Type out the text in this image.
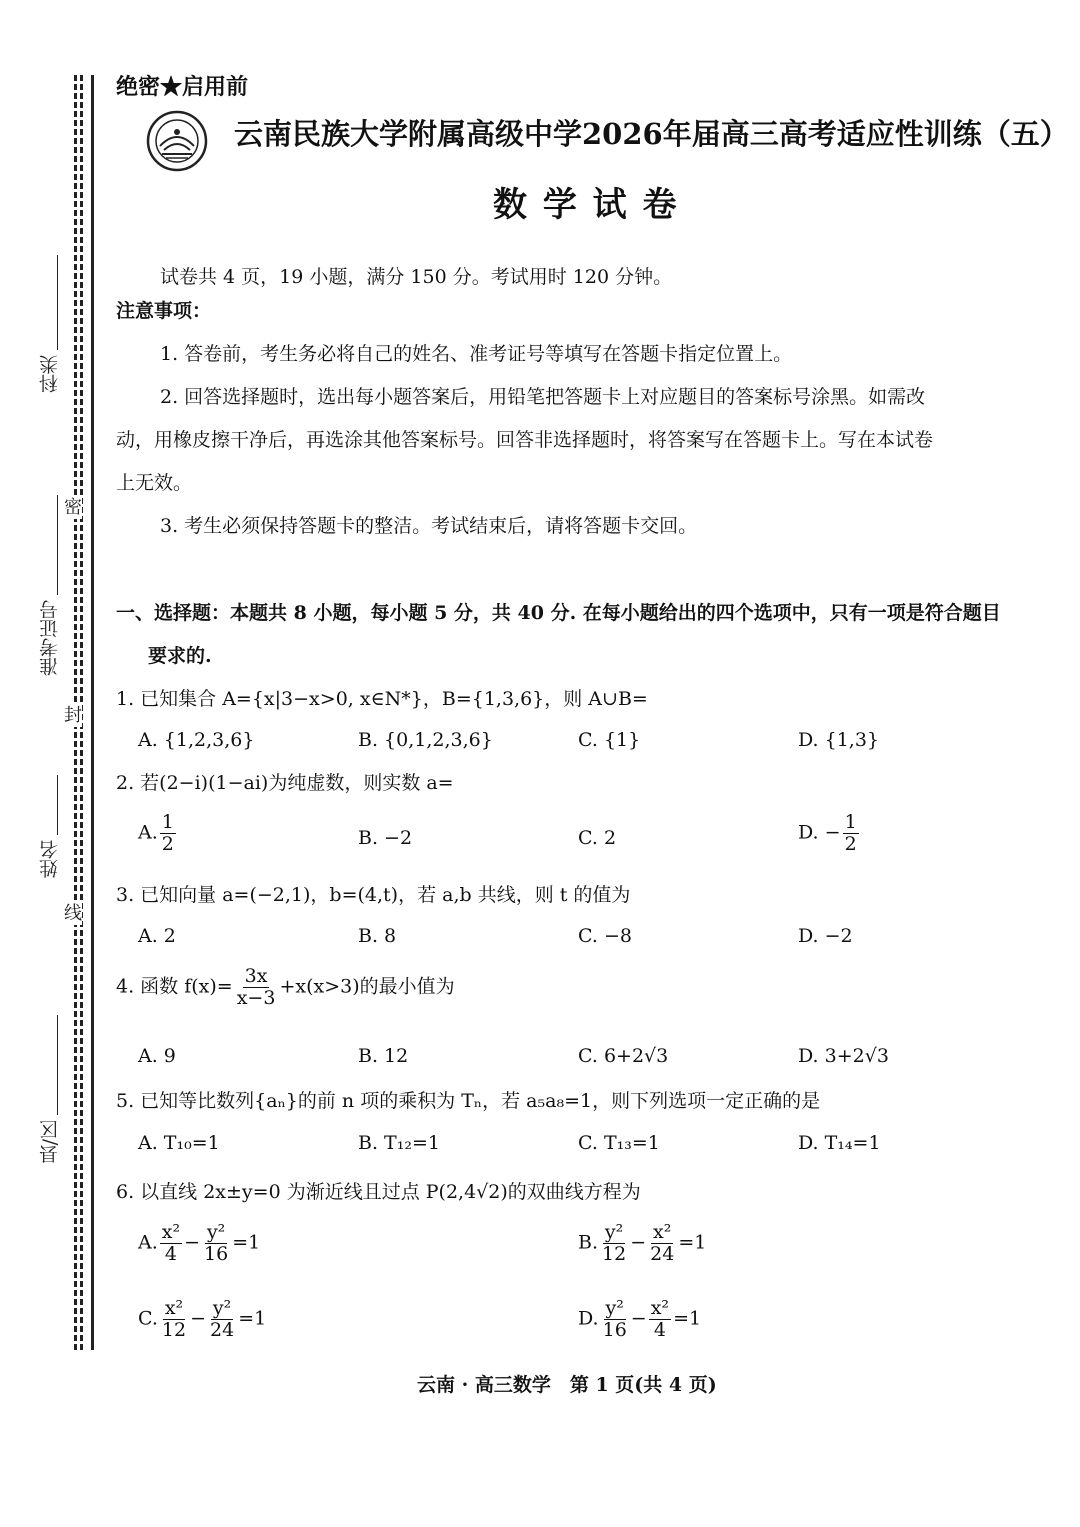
科类
准考证号
姓名
县/区
密
封
线
绝密★启用前
云南民族大学附属高级中学2026年届高三高考适应性训练（五）
数 学 试 卷
试卷共 4 页，19 小题，满分 150 分。考试用时 120 分钟。
注意事项：
1. 答卷前，考生务必将自己的姓名、准考证号等填写在答题卡指定位置上。
2. 回答选择题时，选出每小题答案后，用铅笔把答题卡上对应题目的答案标号涂黑。如需改
动，用橡皮擦干净后，再选涂其他答案标号。回答非选择题时，将答案写在答题卡上。写在本试卷
上无效。
3. 考生必须保持答题卡的整洁。考试结束后，请将答题卡交回。
一、选择题：本题共 8 小题，每小题 5 分，共 40 分. 在每小题给出的四个选项中，只有一项是符合题目
要求的.
1. 已知集合 A={x|3−x>0, x∈N*}，B={1,3,6}，则 A∪B=
A. {1,2,3,6}	B. {0,1,2,3,6}	C. {1}	D. {1,3}
2. 若(2−i)(1−ai)为纯虚数，则实数 a=
A. $\frac{1}{2}$	B. −2	C. 2	D. − $\frac{1}{2}$
3. 已知向量 a=(−2,1)，b=(4,t)，若 a,b 共线，则 t 的值为
A. 2	B. 8	C. −8	D. −2
4. 函数 $f(x)= \frac{3x}{x-3} +x(x>3)$的最小值为
A. 9	B. 12	C. 6+2√3	D. 3+2√3
5. 已知等比数列{aₙ}的前 n 项的乘积为 Tₙ，若 a₅a₈=1，则下列选项一定正确的是
A. T₁₀=1	B. T₁₂=1	C. T₁₃=1	D. T₁₄=1
6. 以直线 2x±y=0 为渐近线且过点 P(2,4√2)的双曲线方程为
A. $\frac{\text{x²}}{4} - \frac{\text{y²}}{16} =1$	B. $\frac{\text{y²}}{12} - \frac{\text{x²}}{24} =1$
C. $\frac{\text{x²}}{12} - \frac{\text{y²}}{24} =1$	D. $\frac{\text{y²}}{16} - \frac{\text{x²}}{4} =1$
云南 · 高三数学　第 1 页(共 4 页)
